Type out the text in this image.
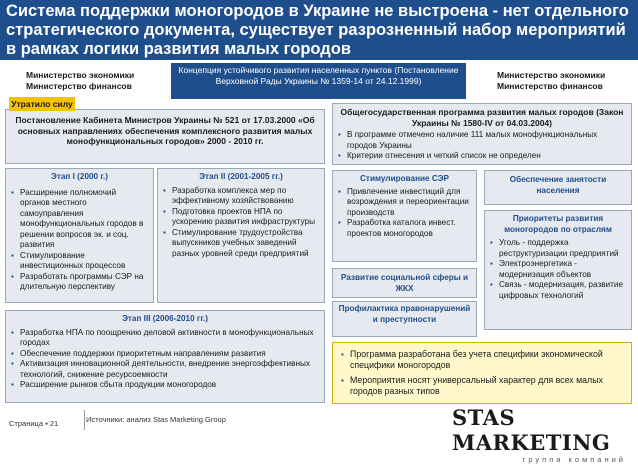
Система поддержки моногородов в Украине не выстроена - нет отдельного стратегического документа, существует разрозненный набор мероприятий в рамках логики развития малых городов
Министерство экономики
Министерство финансов
Концепция устойчивого развития населенных пунктов (Постановление Верховной Рады Украины № 1359-14 от 24.12.1999)
Министерство экономики
Министерство финансов
Постановление Кабинета Министров Украины № 521 от 17.03.2000 «Об основных направлениях обеспечения комплексного развития малых монофункциональных городов» 2000 - 2010 гг.
Утратило силу
Этап I (2000 г.)
▪ Расширение полномочий органов местного самоуправления монофункциональных городов в решении вопросов эк. и соц. развития
▪ Стимулирование инвестиционных процессов
▪ Разработать программы СЭР на длительную перспективу
Этап II (2001-2005 гг.)
▪ Разработка комплекса мер по эффективному хозяйствованию
▪ Подготовка проектов НПА по ускорению развития инфраструктуры
▪ Стимулирование трудоустройства выпускников учебных заведений разных уровней среди предприятий
Этап III (2006-2010 гг.)
▪ Разработка НПА по поощрению деловой активности в монофункциональных городах
▪ Обеспечение поддержки приоритетным направлениям развития
▪ Активизация инновационной деятельности, внедрение энергоэффективных технологий, снижение ресурсоемкости
▪ Расширение рынков сбыта продукции моногородов
Общегосударственная программа развития малых городов (Закон Украины № 1580-IV от 04.03.2004)
▪ В программе отмечено наличие 111 малых монофункциональных городов Украины
▪ Критерии отнесения и четкий список не определен
Стимулирование СЭР
▪ Привлечение инвестиций для возрождения и переориентации производств
▪ Разработка каталога инвест. проектов моногородов
Обеспечение занятости населения
Приоритеты развития моногородов по отраслям
▪ Уголь - поддержка реструктуризации предприятий
▪ Электроэнергетика - модернизация объектов
▪ Связь - модернизация, развитие цифровых технологий
Развитие социальной сферы и ЖКХ
Профилактика правонарушений и преступности
▪ Программа разработана без учета специфики экономической специфики моногородов
▪ Мероприятия носят универсальный характер для всех малых городов разных типов
Страница ▪ 21	Источники: анализ Stas Marketing Group	STAS MARKETING
группа компаний
